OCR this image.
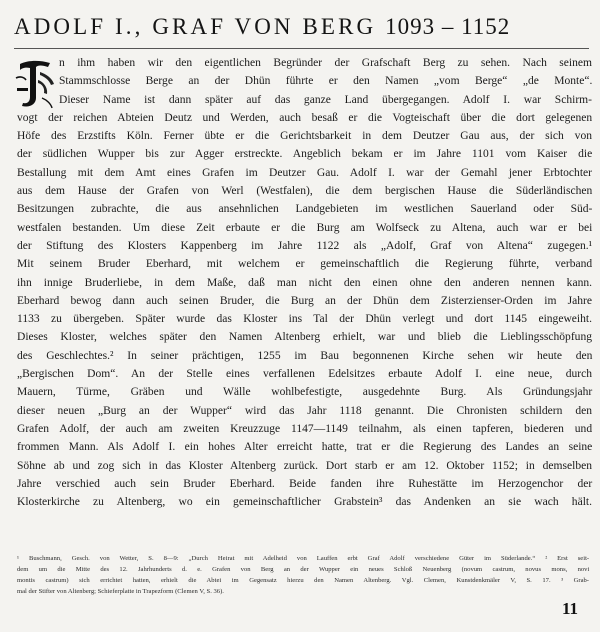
ADOLF I., GRAF VON BERG 1093 – 1152
n ihm haben wir den eigentlichen Begründer der Grafschaft Berg zu sehen. Nach seinem
Stammschlosse Berge an der Dhün führte er den Namen „vom Berge“ „de Monte“.
Dieser Name ist dann später auf das ganze Land übergegangen. Adolf I. war Schirm-
vogt der reichen Abteien Deutz und Werden, auch besaß er die Vogteischaft über die dort gelegenen
Höfe des Erzstifts Köln. Ferner übte er die Gerichtsbarkeit in dem Deutzer Gau aus, der sich von
der südlichen Wupper bis zur Agger erstreckte. Angeblich bekam er im Jahre 1101 vom Kaiser die
Bestallung mit dem Amt eines Grafen im Deutzer Gau. Adolf I. war der Gemahl jener Erbtochter
aus dem Hause der Grafen von Werl (Westfalen), die dem bergischen Hause die Süderländischen
Besitzungen zubrachte, die aus ansehnlichen Landgebieten im westlichen Sauerland oder Süd-
westfalen bestanden. Um diese Zeit erbaute er die Burg am Wolfseck zu Altena, auch war er bei
der Stiftung des Klosters Kappenberg im Jahre 1122 als „Adolf, Graf von Altena“ zugegen.¹
Mit seinem Bruder Eberhard, mit welchem er gemeinschaftlich die Regierung führte, verband
ihn innige Bruderliebe, in dem Maße, daß man nicht den einen ohne den anderen nennen kann.
Eberhard bewog dann auch seinen Bruder, die Burg an der Dhün dem Zisterzienser-Orden im Jahre
1133 zu übergeben. Später wurde das Kloster ins Tal der Dhün verlegt und dort 1145 eingeweiht.
Dieses Kloster, welches später den Namen Altenberg erhielt, war und blieb die Lieblingsschöpfung
des Geschlechtes.² In seiner prächtigen, 1255 im Bau begonnenen Kirche sehen wir heute den
„Bergischen Dom“. An der Stelle eines verfallenen Edelsitzes erbaute Adolf I. eine neue, durch
Mauern, Türme, Gräben und Wälle wohlbefestigte, ausgedehnte Burg. Als Gründungsjahr
dieser neuen „Burg an der Wupper“ wird das Jahr 1118 genannt. Die Chronisten schildern den
Grafen Adolf, der auch am zweiten Kreuzzuge 1147—1149 teilnahm, als einen tapferen, biederen und
frommen Mann. Als Adolf I. ein hohes Alter erreicht hatte, trat er die Regierung des Landes an seine
Söhne ab und zog sich in das Kloster Altenberg zurück. Dort starb er am 12. Oktober 1152; in demselben
Jahre verschied auch sein Bruder Eberhard. Beide fanden ihre Ruhestätte im Herzogenchor der
Klosterkirche zu Altenberg, wo ein gemeinschaftlicher Grabstein³ das Andenken an sie wach hält.
¹ Buschmann, Gesch. von Wetter, S. 8—9: „Durch Heirat mit Adelheid von Lauffen erbt Graf Adolf verschiedene Güter im Süderlande.“ ² Erst seit-
dem um die Mitte des 12. Jahrhunderts d. e. Grafen von Berg an der Wupper ein neues Schloß Neuenberg (novum castrum, novus mons, novi
montis castrum) sich errichtet hatten, erhielt die Abtei im Gegensatz hierzu den Namen Altenberg. Vgl. Clemen, Kunstdenkmäler V, S. 17. ³ Grab-
mal der Stifter von Altenberg; Schieferplatte in Trapezform (Clemen V, S. 36).
11
